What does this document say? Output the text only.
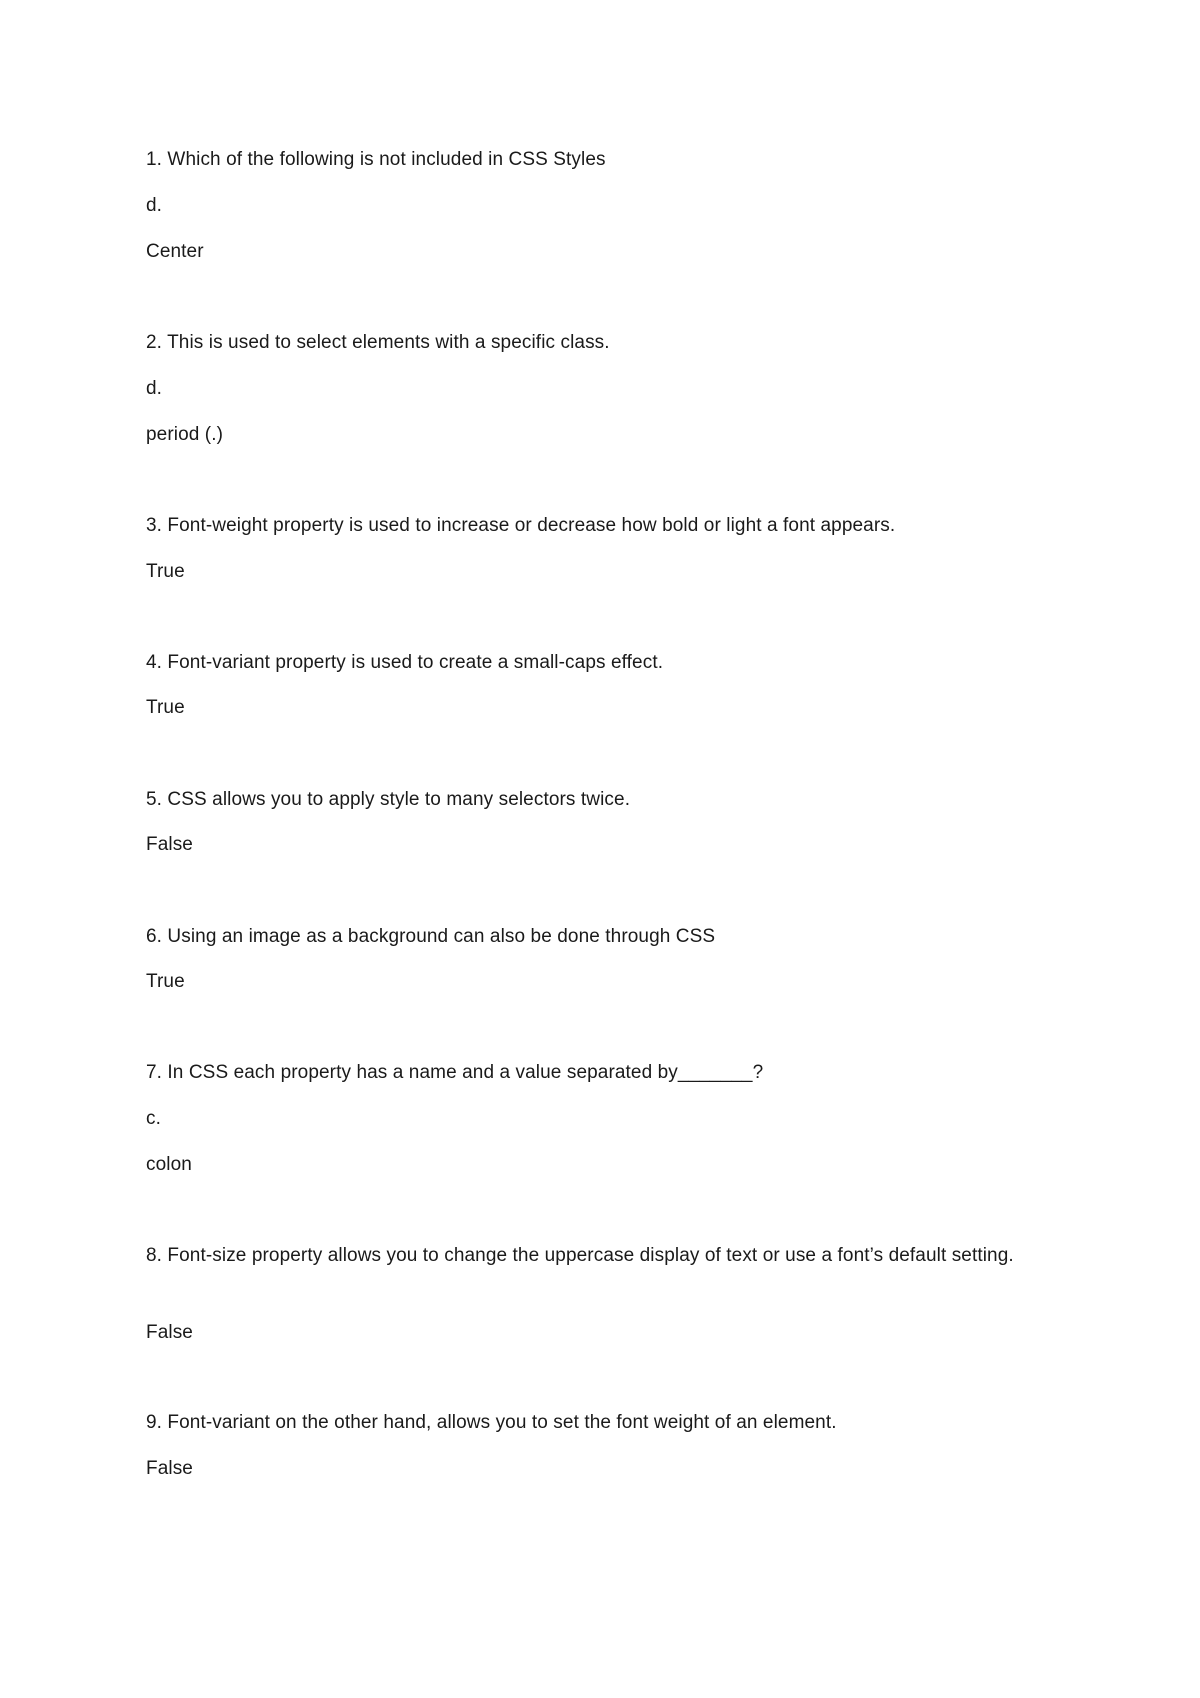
1. Which of the following is not included in CSS Styles

d.

Center

2. This is used to select elements with a specific class.

d.

period (.)

3. Font-weight property is used to increase or decrease how bold or light a font appears.

True

4. Font-variant property is used to create a small-caps effect.

True

5. CSS allows you to apply style to many selectors twice.

False

6. Using an image as a background can also be done through CSS

True

7. In CSS each property has a name and a value separated by_______?

c.

colon

8. Font-size property allows you to change the uppercase display of text or use a font’s default setting.

False

9. Font-variant on the other hand, allows you to set the font weight of an element.

False
